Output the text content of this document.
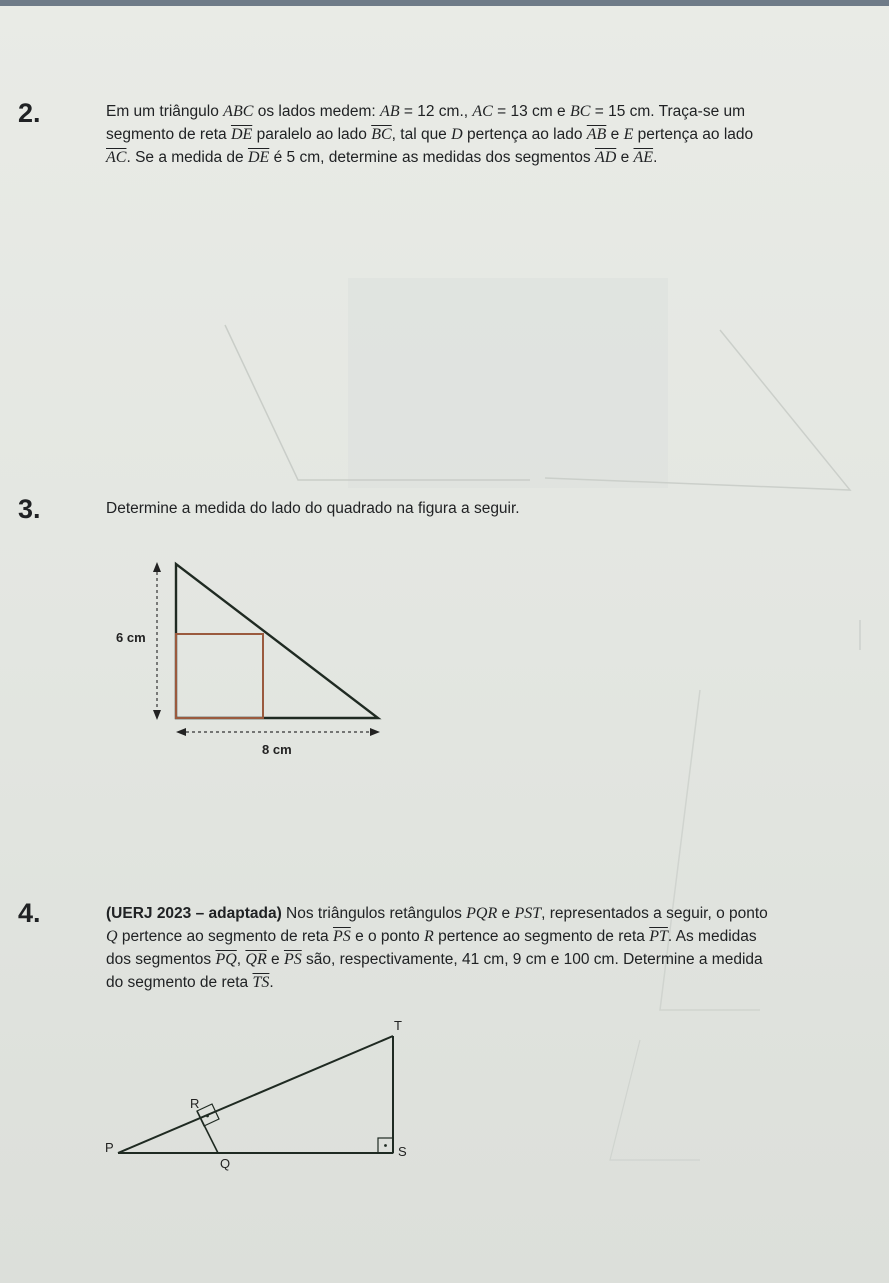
2.	Em um triângulo ABC os lados medem: AB = 12 cm., AC = 13 cm e BC = 15 cm. Traça-se um
segmento de reta $\overline{DE}$ paralelo ao lado $\overline{BC}$, tal que D pertença ao lado $\overline{AB}$ e E pertença ao lado
$\overline{AC}$. Se a medida de $\overline{DE}$ é 5 cm, determine as medidas dos segmentos $\overline{AD}$ e $\overline{AE}$.
3.	Determine a medida do lado do quadrado na figura a seguir.
6 cm
8 cm
4.	(UERJ 2023 – adaptada) Nos triângulos retângulos PQR e PST, representados a seguir, o ponto
Q pertence ao segmento de reta $\overline{PS}$ e o ponto R pertence ao segmento de reta $\overline{PT}$. As medidas
dos segmentos $\overline{PQ}$, $\overline{QR}$ e $\overline{PS}$ são, respectivamente, 41 cm, 9 cm e 100 cm. Determine a medida
do segmento de reta $\overline{TS}$.
P
Q
R
S
T
